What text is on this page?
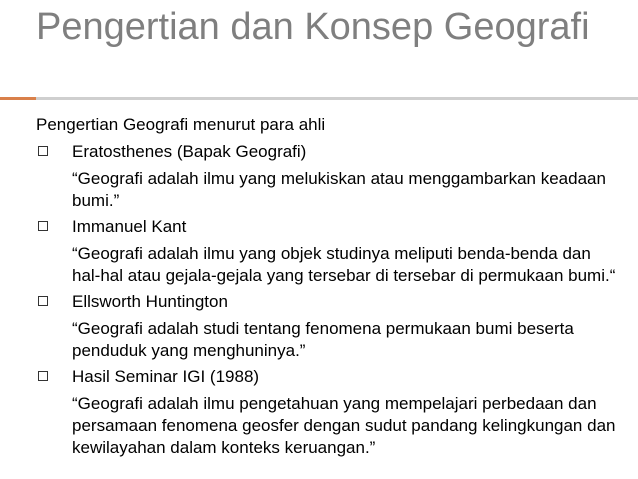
Pengertian dan Konsep Geografi
Pengertian Geografi menurut para ahli
Eratosthenes (Bapak Geografi)
“Geografi adalah ilmu yang melukiskan atau menggambarkan keadaan bumi.”
Immanuel Kant
“Geografi adalah ilmu yang objek studinya meliputi benda-benda dan hal-hal atau gejala-gejala yang tersebar di tersebar di permukaan bumi.“
Ellsworth Huntington
“Geografi adalah studi tentang fenomena permukaan bumi beserta penduduk yang menghuninya.”
Hasil Seminar IGI (1988)
“Geografi adalah ilmu pengetahuan yang mempelajari perbedaan dan persamaan fenomena geosfer dengan sudut pandang kelingkungan dan kewilayahan dalam konteks keruangan.”
